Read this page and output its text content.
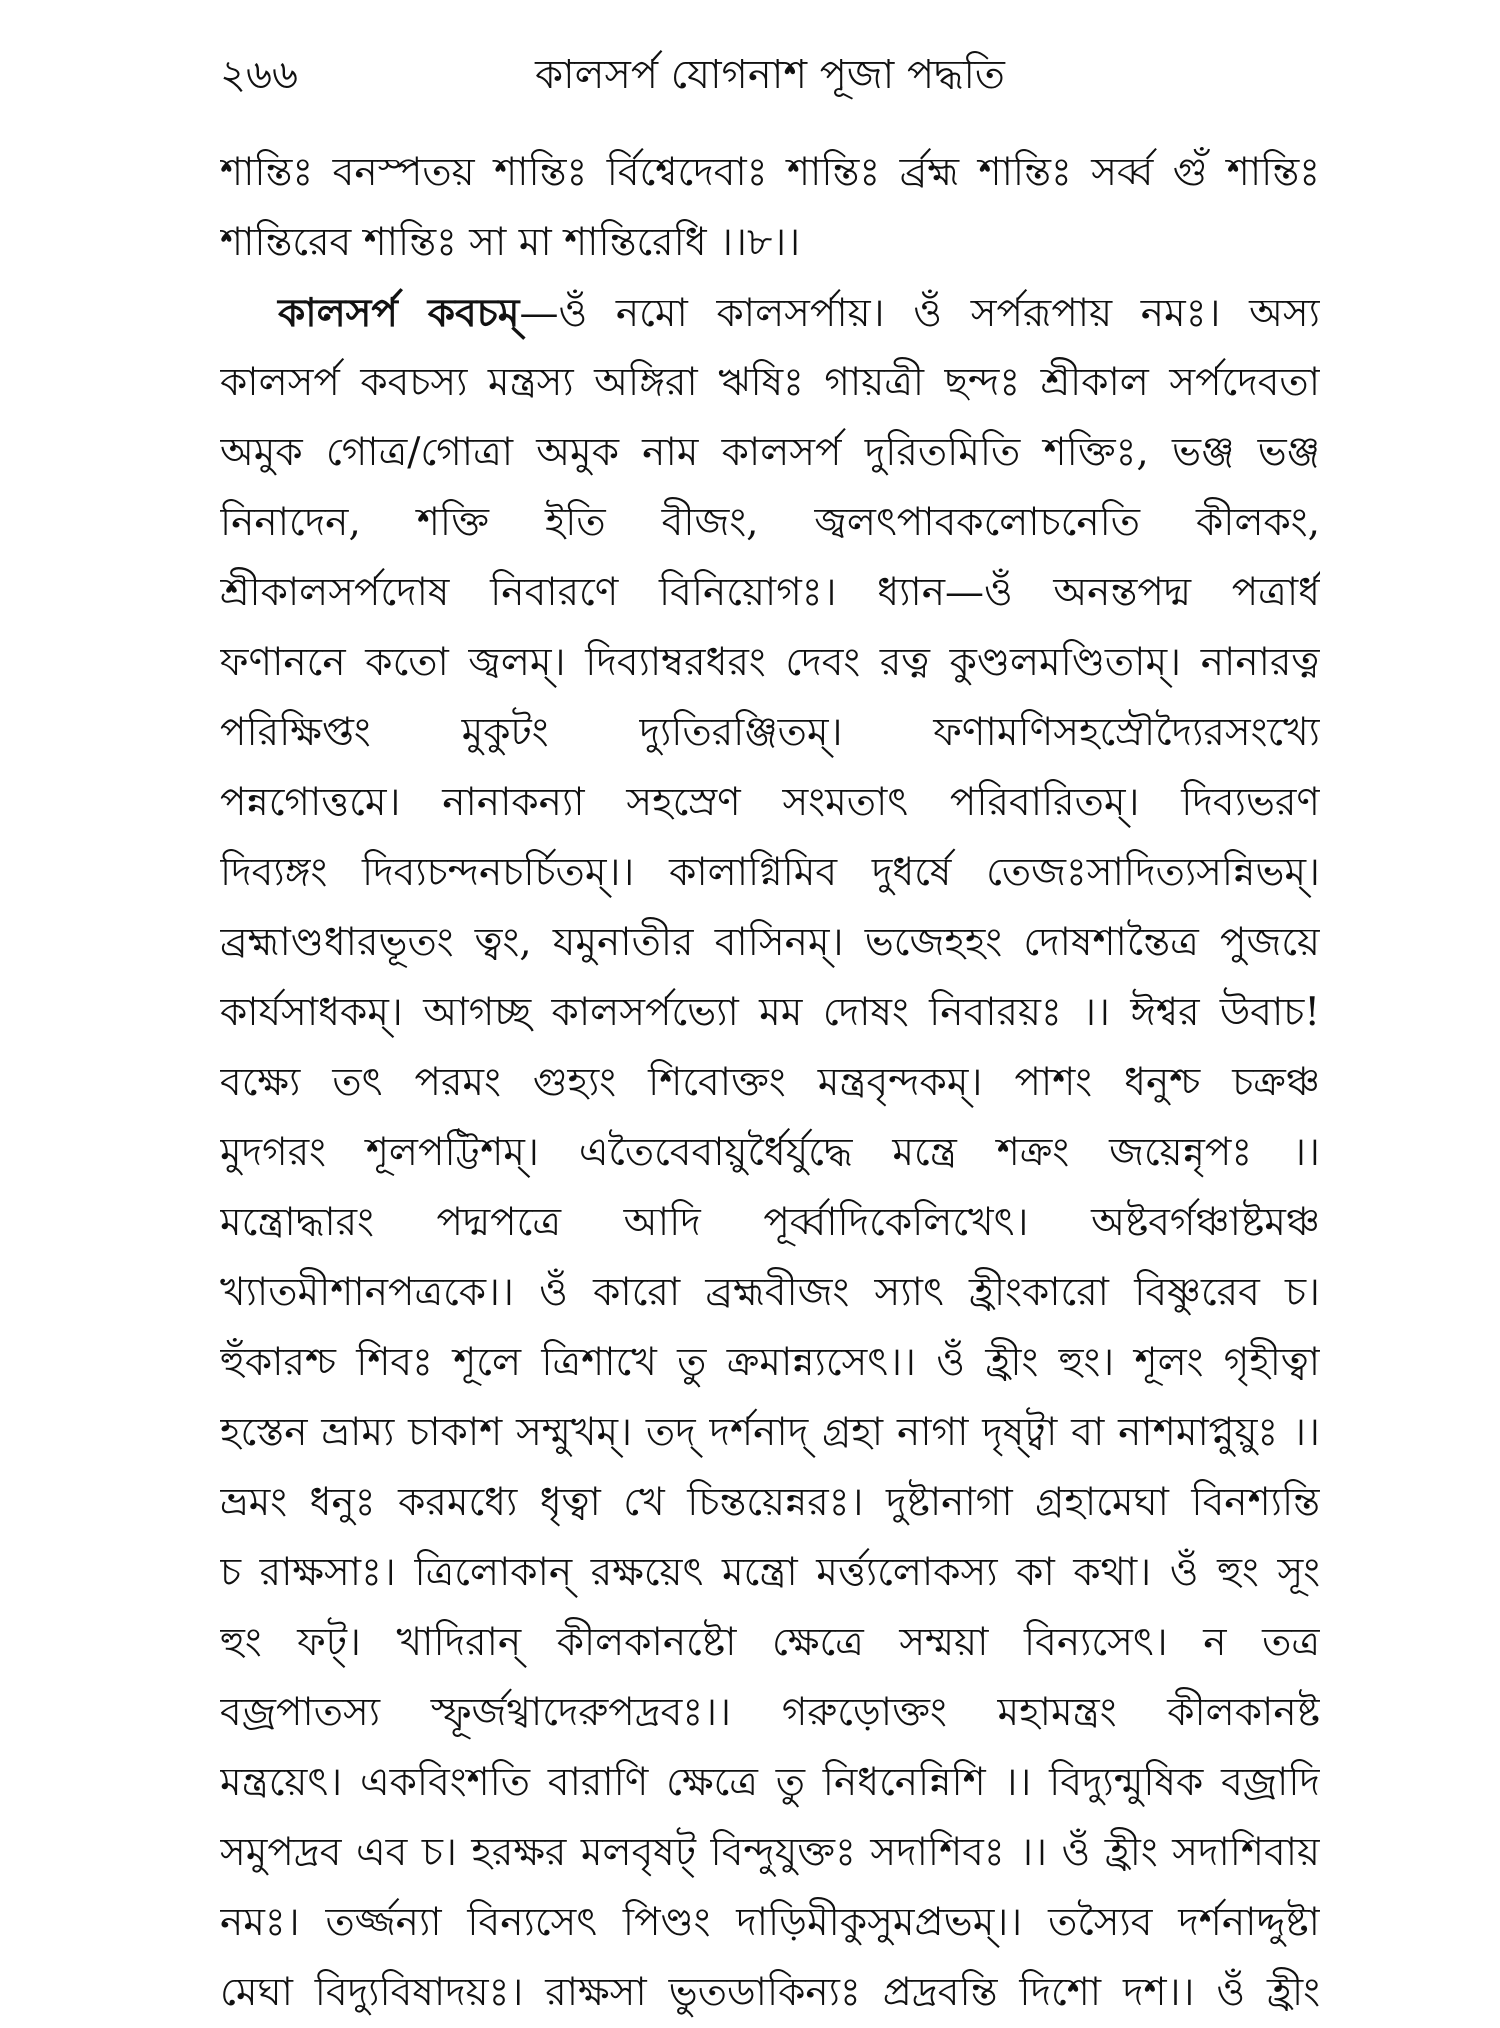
২৬৬	কালসর্প যোগনাশ পূজা পদ্ধতি
শান্তিঃ বনস্পতয় শান্তিঃ র্বিশ্বেদেবাঃ শান্তিঃ র্ব্রহ্ম শান্তিঃ সর্ব্ব গুঁ শান্তিঃ
শান্তিরেব শান্তিঃ সা মা শান্তিরেধি ।।৮।।
কালসর্প কবচম্—ওঁ নমো কালসর্পায়। ওঁ সর্পরূপায় নমঃ। অস্য
কালসর্প কবচস্য মন্ত্রস্য অঙ্গিরা ঋষিঃ গায়ত্রী ছন্দঃ শ্রীকাল সর্পদেবতা
অমুক গোত্র/গোত্রা অমুক নাম কালসর্প দুরিতমিতি শক্তিঃ, ভঞ্জ ভঞ্জ
নিনাদেন, শক্তি ইতি বীজং, জ্বলৎপাবকলোচনেতি কীলকং,
শ্রীকালসর্পদোষ নিবারণে বিনিয়োগঃ। ধ্যান—ওঁ অনন্তপদ্ম পত্রার্ধ
ফণাননে কতো জ্বলম্। দিব্যাম্বরধরং দেবং রত্ন কুণ্ডলমণ্ডিতাম্। নানারত্ন
পরিক্ষিপ্তং মুকুটং দ্যুতিরঞ্জিতম্। ফণামণিসহস্রৌদ্যৈরসংখ্যে
পন্নগোত্তমে। নানাকন্যা সহস্রেণ সংমতাৎ পরিবারিতম্। দিব্যভরণ
দিব্যঙ্গং দিব্যচন্দনচর্চিতম্।। কালাগ্নিমিব দুধর্ষে তেজঃসাদিত্যসন্নিভম্।
ব্রহ্মাণ্ডধারভূতং ত্বং, যমুনাতীর বাসিনম্। ভজেহহং দোষশান্তৈত্র পুজয়ে
কার্যসাধকম্। আগচ্ছ কালসর্পভ্যো মম দোষং নিবারয়ঃ ।। ঈশ্বর উবাচ!
বক্ষ্যে তৎ পরমং গুহ্যং শিবোক্তং মন্ত্রবৃন্দকম্। পাশং ধনুশ্চ চক্রঞ্চ
মুদগরং শূলপট্টিশম্। এতৈবেবায়ুর্ধৈর্যুদ্ধে মন্ত্রে শক্রং জয়েন্নৃপঃ ।।
মন্ত্রোদ্ধারং পদ্মপত্রে আদি পূর্ব্বাদিকেলিখেৎ। অষ্টবর্গঞ্চাষ্টমঞ্চ
খ্যাতমীশানপত্রকে।। ওঁ কারো ব্রহ্মবীজং স্যাৎ হ্রীংকারো বিষ্ণুরেব চ।
হুঁকারশ্চ শিবঃ শূলে ত্রিশাখে তু ক্রমান্ন্যসেৎ।। ওঁ হ্রীং হুং। শূলং গৃহীত্বা
হস্তেন ভ্রাম্য চাকাশ সম্মুখম্। তদ্ দর্শনাদ্ গ্রহা নাগা দৃষ্ট্বা বা নাশমাপ্নুয়ুঃ ।।
ভ্রমং ধনুঃ করমধ্যে ধৃত্বা খে চিন্তয়েন্নরঃ। দুষ্টানাগা গ্রহামেঘা বিনশ্যন্তি
চ রাক্ষসাঃ। ত্রিলোকান্ রক্ষয়েৎ মন্ত্রো মর্ত্ত্যলোকস্য কা কথা। ওঁ হুং সূং
হুং ফট্। খাদিরান্ কীলকানষ্টো ক্ষেত্রে সম্ময়া বিন্যসেৎ। ন তত্র
বজ্রপাতস্য স্ফূর্জথ্বাদেরুপদ্রবঃ।। গরুড়োক্তং মহামন্ত্রং কীলকানষ্ট
মন্ত্রয়েৎ। একবিংশতি বারাণি ক্ষেত্রে তু নিধনেন্নিশি ।। বিদ্যুন্মুষিক বজ্রাদি
সমুপদ্রব এব চ। হরক্ষর মলবৃষট্ বিন্দুযুক্তঃ সদাশিবঃ ।। ওঁ হ্রীং সদাশিবায়
নমঃ। তর্জ্জন্যা বিন্যসেৎ পিণ্ডং দাড়িমীকুসুমপ্রভম্।। তস্যৈব দর্শনাদ্দুষ্টা
মেঘা বিদ্যুবিষাদয়ঃ। রাক্ষসা ভুতডাকিন্যঃ প্রদ্রবন্তি দিশো দশ।। ওঁ হ্রীং
